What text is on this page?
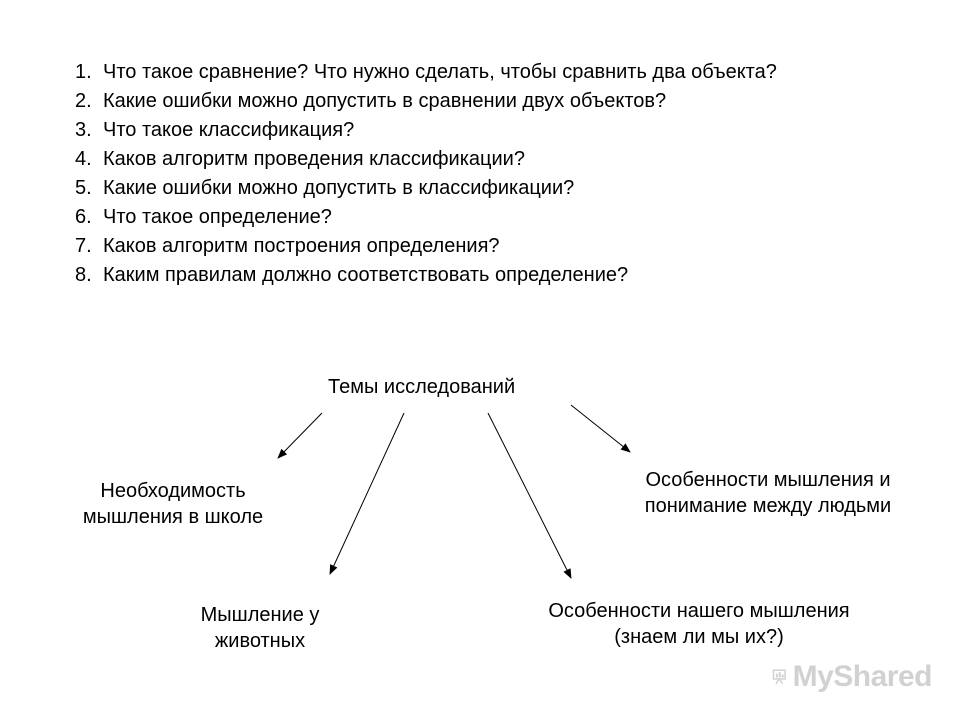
1. Что такое сравнение? Что нужно сделать, чтобы сравнить два объекта?
2. Какие ошибки можно допустить в сравнении двух объектов?
3. Что такое классификация?
4. Каков алгоритм проведения классификации?
5. Какие ошибки можно допустить в классификации?
6. Что такое определение?
7. Каков алгоритм построения определения?
8. Каким правилам должно соответствовать определение?
Темы исследований
Необходимость
мышления в школе
Мышление у
животных
Особенности нашего мышления
(знаем ли мы их?)
Особенности мышления и
понимание между людьми
MyShared
